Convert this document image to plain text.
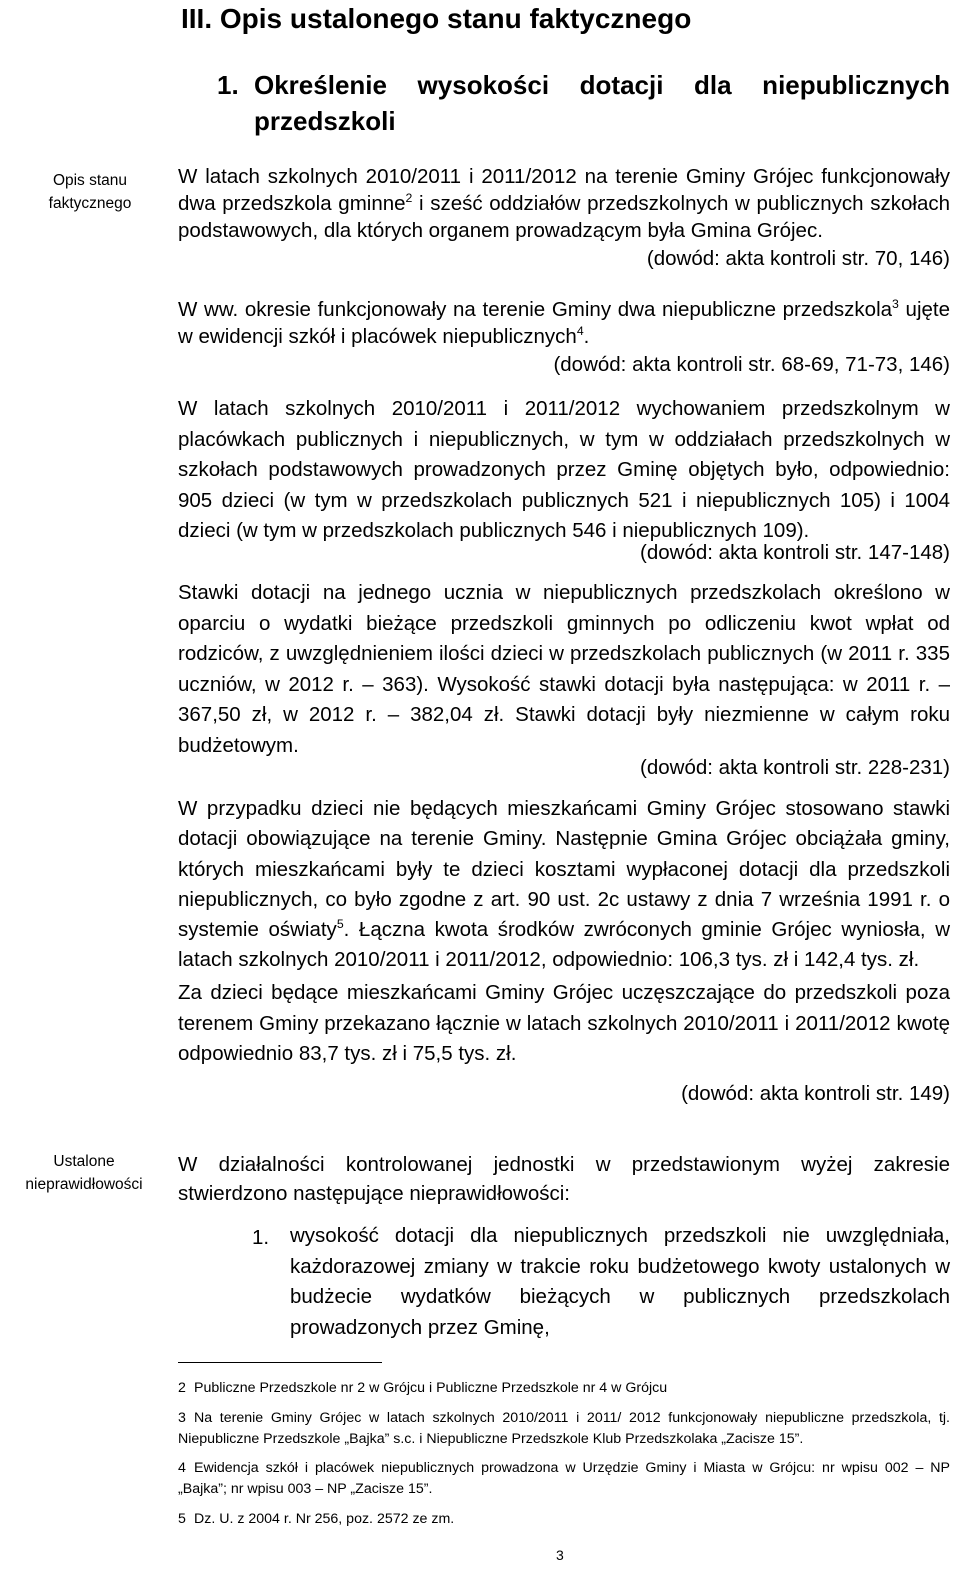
III. Opis ustalonego stanu faktycznego
1. Określenie wysokości dotacji dla niepublicznych
przedszkoli
Opis stanu
faktycznego
Ustalone
nieprawidłowości
W latach szkolnych 2010/2011 i 2011/2012 na terenie Gminy Grójec funkcjonowały dwa przedszkola gminne$^2$ i sześć oddziałów przedszkolnych w publicznych szkołach podstawowych, dla których organem prowadzącym była Gmina Grójec.
(dowód: akta kontroli str. 70, 146)
W ww. okresie funkcjonowały na terenie Gminy dwa niepubliczne przedszkola$^3$ ujęte w ewidencji szkół i placówek niepublicznych$^4$.
(dowód: akta kontroli str. 68-69, 71-73, 146)
W latach szkolnych 2010/2011 i 2011/2012 wychowaniem przedszkolnym w placówkach publicznych i niepublicznych, w tym w oddziałach przedszkolnych w szkołach podstawowych prowadzonych przez Gminę objętych było, odpowiednio: 905 dzieci (w tym w przedszkolach publicznych 521 i niepublicznych 105) i 1004 dzieci (w tym w przedszkolach publicznych 546 i niepublicznych 109).
(dowód: akta kontroli str. 147-148)
Stawki dotacji na jednego ucznia w niepublicznych przedszkolach określono w oparciu o wydatki bieżące przedszkoli gminnych po odliczeniu kwot wpłat od rodziców, z uwzględnieniem ilości dzieci w przedszkolach publicznych (w 2011 r. 335 uczniów, w 2012 r. – 363). Wysokość stawki dotacji była następująca: w 2011 r. – 367,50 zł, w 2012 r. – 382,04 zł. Stawki dotacji były niezmienne w całym roku budżetowym.
(dowód: akta kontroli str. 228-231)
W przypadku dzieci nie będących mieszkańcami Gminy Grójec stosowano stawki dotacji obowiązujące na terenie Gminy. Następnie Gmina Grójec obciążała gminy, których mieszkańcami były te dzieci kosztami wypłaconej dotacji dla przedszkoli niepublicznych, co było zgodne z art. 90 ust. 2c ustawy z dnia 7 września 1991 r. o systemie oświaty$^5$. Łączna kwota środków zwróconych gminie Grójec wyniosła, w latach szkolnych 2010/2011 i 2011/2012, odpowiednio: 106,3 tys. zł i 142,4 tys. zł.
Za dzieci będące mieszkańcami Gminy Grójec uczęszczające do przedszkoli poza terenem Gminy przekazano łącznie w latach szkolnych 2010/2011 i 2011/2012 kwotę odpowiednio 83,7 tys. zł i 75,5 tys. zł.
(dowód: akta kontroli str. 149)
W działalności kontrolowanej jednostki w przedstawionym wyżej zakresie stwierdzono następujące nieprawidłowości:
1. wysokość dotacji dla niepublicznych przedszkoli nie uwzględniała, każdorazowej zmiany w trakcie roku budżetowego kwoty ustalonych w budżecie wydatków bieżących w publicznych przedszkolach prowadzonych przez Gminę,
2 Publiczne Przedszkole nr 2 w Grójcu i Publiczne Przedszkole nr 4 w Grójcu
3 Na terenie Gminy Grójec w latach szkolnych 2010/2011 i 2011/ 2012 funkcjonowały niepubliczne przedszkola, tj. Niepubliczne Przedszkole „Bajka” s.c. i Niepubliczne Przedszkole Klub Przedszkolaka „Zacisze 15”.
4 Ewidencja szkół i placówek niepublicznych prowadzona w Urzędzie Gminy i Miasta w Grójcu: nr wpisu 002 – NP „Bajka”; nr wpisu 003 – NP „Zacisze 15”.
5 Dz. U. z 2004 r. Nr 256, poz. 2572 ze zm.
3
